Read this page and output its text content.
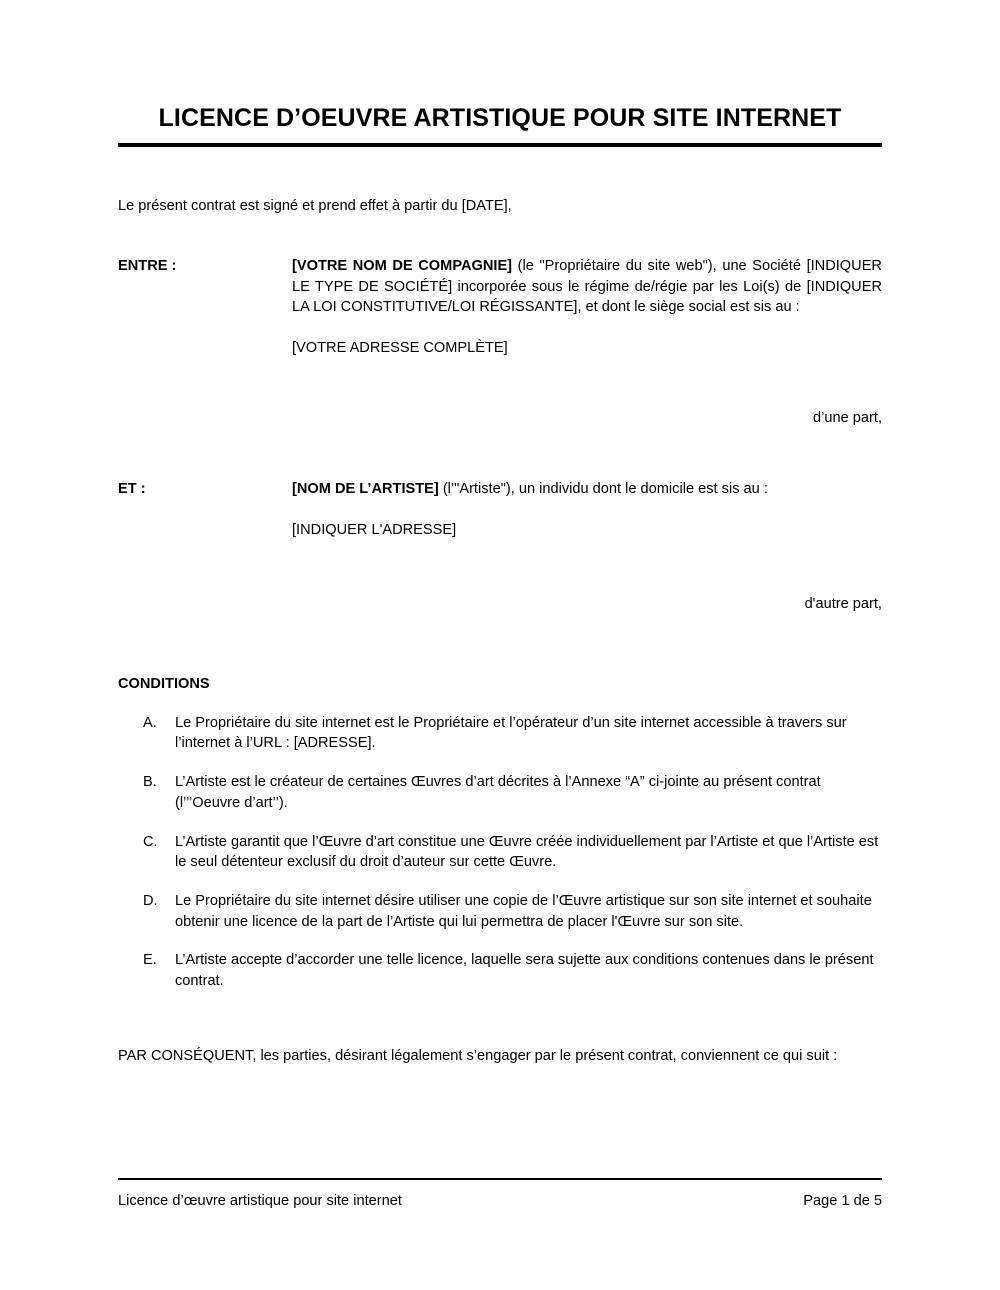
LICENCE D’OEUVRE ARTISTIQUE POUR SITE INTERNET

Le présent contrat est signé et prend effet à partir du [DATE],

ENTRE :	[VOTRE NOM DE COMPAGNIE] (le "Propriétaire du site web"), une Société [INDIQUER LE TYPE DE SOCIÉTÉ] incorporée sous le régime de/régie par les Loi(s) de [INDIQUER LA LOI CONSTITUTIVE/LOI RÉGISSANTE], et dont le siège social est sis au :

[VOTRE ADRESSE COMPLÈTE]

d’une part,

ET :	[NOM DE L’ARTISTE] (l’"Artiste"), un individu dont le domicile est sis au :

[INDIQUER L'ADRESSE]

d'autre part,

CONDITIONS

A.	Le Propriétaire du site internet est le Propriétaire et l’opérateur d’un site internet accessible à travers sur l’internet à l’URL : [ADRESSE].
B.	L’Artiste est le créateur de certaines Œuvres d’art décrites à l’Annexe “A” ci-jointe au présent contrat (l’’’Oeuvre d’art’’).
C.	L’Artiste garantit que l’Œuvre d’art constitue une Œuvre créée individuellement par l’Artiste et que l’Artiste est le seul détenteur exclusif du droit d’auteur sur cette Œuvre.
D.	Le Propriétaire du site internet désire utiliser une copie de l’Œuvre artistique sur son site internet et souhaite obtenir une licence de la part de l’Artiste qui lui permettra de placer l'Œuvre sur son site.
E.	L’Artiste accepte d’accorder une telle licence, laquelle sera sujette aux conditions contenues dans le présent contrat.

PAR CONSÉQUENT, les parties, désirant légalement s’engager par le présent contrat, conviennent ce qui suit :

Licence d’œuvre artistique pour site internet	Page 1 de 5
